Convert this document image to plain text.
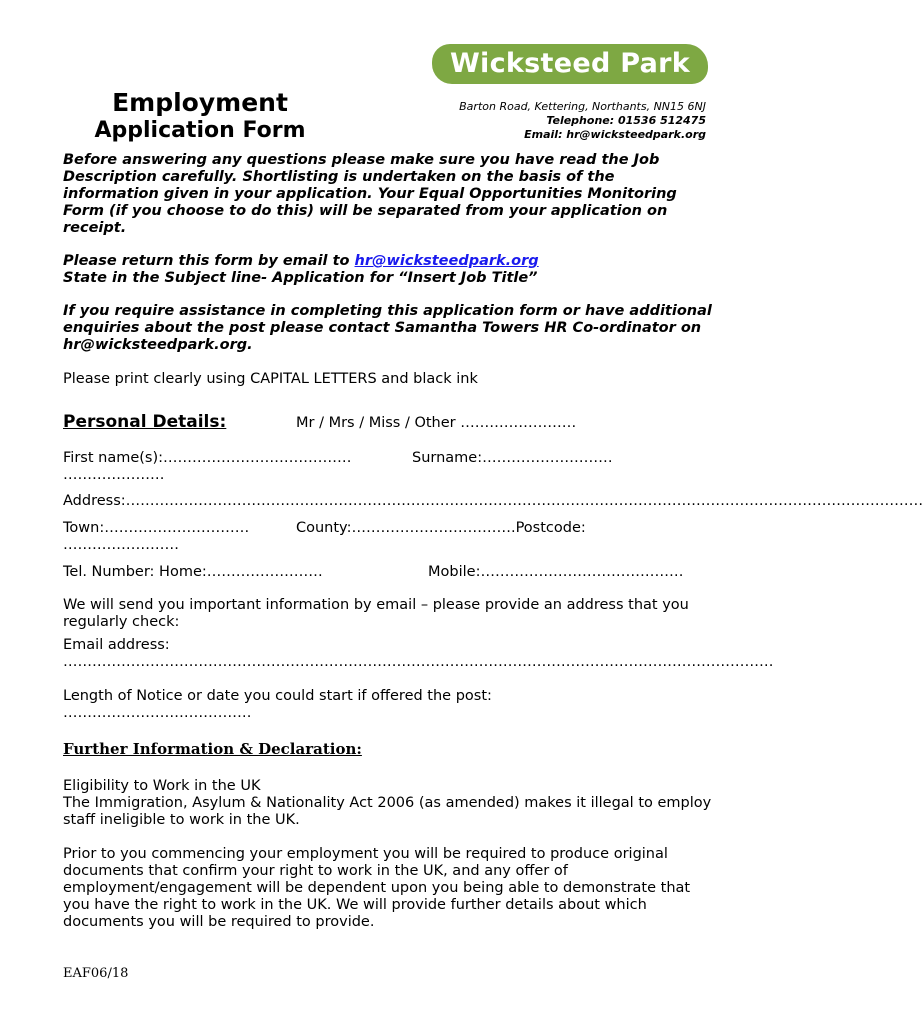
Wicksteed Park
Employment
Application Form
Barton Road, Kettering, Northants, NN15 6NJ
Telephone: 01536 512475
Email: hr@wicksteedpark.org

Before answering any questions please make sure you have read the Job Description carefully. Shortlisting is undertaken on the basis of the information given in your application. Your Equal Opportunities Monitoring Form (if you choose to do this) will be separated from your application on receipt.

Please return this form by email to hr@wicksteedpark.org
State in the Subject line- Application for “Insert Job Title”

If you require assistance in completing this application form or have additional enquiries about the post please contact Samantha Towers HR Co-ordinator on hr@wicksteedpark.org.

Please print clearly using CAPITAL LETTERS and black ink
Personal Details:	Mr / Mrs / Miss / Other ……………………
First name(s):…………………………………	Surname:………………………
…………………
Address:…………………………………………………………………………………………………………………………………………………
Town:…………………………	County:…………………………….Postcode:
……………………
Tel. Number: Home:……………………	Mobile:……………………………………
We will send you important information by email – please provide an address that you regularly check:
Email address:
…………………………………………………………………………………………………………………………………
Length of Notice or date you could start if offered the post:
…………………………………
Further Information & Declaration:
Eligibility to Work in the UK
The Immigration, Asylum & Nationality Act 2006 (as amended) makes it illegal to employ staff ineligible to work in the UK.
Prior to you commencing your employment you will be required to produce original documents that confirm your right to work in the UK, and any offer of employment/engagement will be dependent upon you being able to demonstrate that you have the right to work in the UK. We will provide further details about which documents you will be required to provide.
EAF06/18
